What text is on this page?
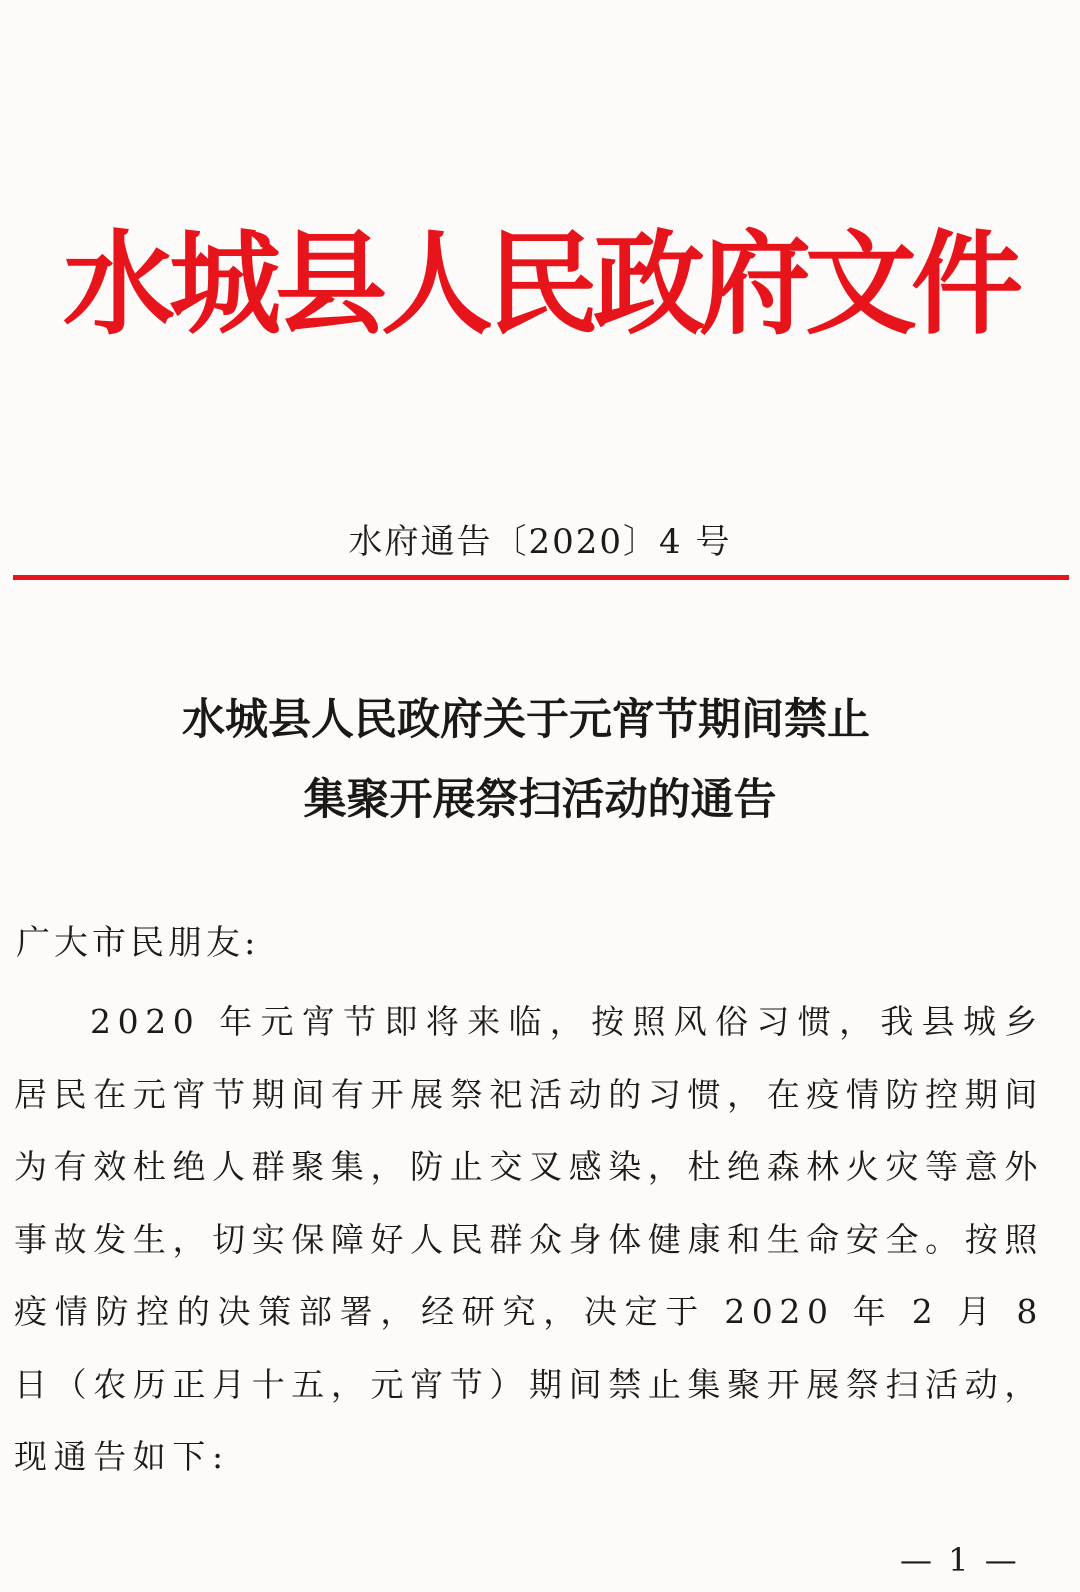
水城县人民政府文件
水府通告〔2020〕4 号
水城县人民政府关于元宵节期间禁止
集聚开展祭扫活动的通告
广大市民朋友:
2020 年元宵节即将来临，按照风俗习惯，我县城乡居民在元宵节期间有开展祭祀活动的习惯，在疫情防控期间为有效杜绝人群聚集，防止交叉感染，杜绝森林火灾等意外事故发生，切实保障好人民群众身体健康和生命安全。按照疫情防控的决策部署，经研究，决定于 2020 年 2 月 8 日（农历正月十五，元宵节）期间禁止集聚开展祭扫活动，现通告如下:
— 1 —
